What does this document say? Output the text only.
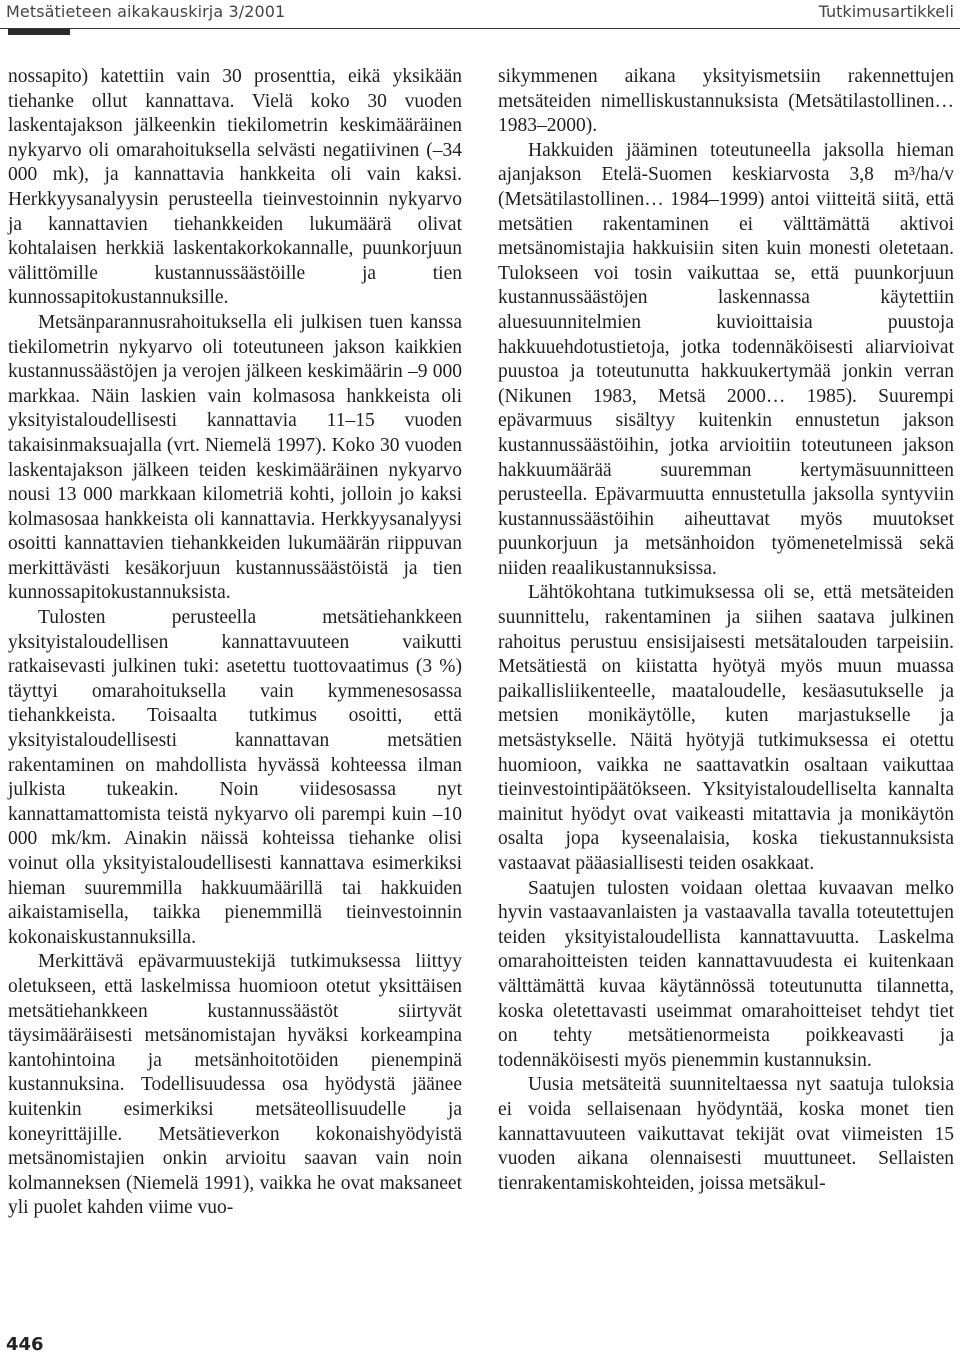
Metsätieteen aikakauskirja 3/2001	Tutkimusartikkeli

nossapito) katettiin vain 30 prosenttia, eikä yksikään tiehanke ollut kannattava. Vielä koko 30 vuoden laskentajakson jälkeenkin tiekilometrin keskimääräinen nykyarvo oli omarahoituksella selvästi negatiivinen (–34 000 mk), ja kannattavia hankkeita oli vain kaksi. Herkkyysanalyysin perusteella tieinvestoinnin nykyarvo ja kannattavien tiehankkeiden lukumäärä olivat kohtalaisen herkkiä laskentakorkokannalle, puunkorjuun välittömille kustannussäästöille ja tien kunnossapitokustannuksille.

Metsänparannusrahoituksella eli julkisen tuen kanssa tiekilometrin nykyarvo oli toteutuneen jakson kaikkien kustannussäästöjen ja verojen jälkeen keskimäärin –9 000 markkaa. Näin laskien vain kolmasosa hankkeista oli yksityistaloudellisesti kannattavia 11–15 vuoden takaisinmaksuajalla (vrt. Niemelä 1997). Koko 30 vuoden laskentajakson jälkeen teiden keskimääräinen nykyarvo nousi 13 000 markkaan kilometriä kohti, jolloin jo kaksi kolmasosaa hankkeista oli kannattavia. Herkkyysanalyysi osoitti kannattavien tiehankkeiden lukumäärän riippuvan merkittävästi kesäkorjuun kustannussäästöistä ja tien kunnossapitokustannuksista.

Tulosten perusteella metsätiehankkeen yksityistaloudellisen kannattavuuteen vaikutti ratkaisevasti julkinen tuki: asetettu tuottovaatimus (3 %) täyttyi omarahoituksella vain kymmenesosassa tiehankkeista. Toisaalta tutkimus osoitti, että yksityistaloudellisesti kannattavan metsätien rakentaminen on mahdollista hyvässä kohteessa ilman julkista tukeakin. Noin viidesosassa nyt kannattamattomista teistä nykyarvo oli parempi kuin –10 000 mk/km. Ainakin näissä kohteissa tiehanke olisi voinut olla yksityistaloudellisesti kannattava esimerkiksi hieman suuremmilla hakkuumäärillä tai hakkuiden aikaistamisella, taikka pienemmillä tieinvestoinnin kokonaiskustannuksilla.

Merkittävä epävarmuustekijä tutkimuksessa liittyy oletukseen, että laskelmissa huomioon otetut yksittäisen metsätiehankkeen kustannussäästöt siirtyvät täysimääräisesti metsänomistajan hyväksi korkeampina kantohintoina ja metsänhoitotöiden pienempinä kustannuksina. Todellisuudessa osa hyödystä jäänee kuitenkin esimerkiksi metsäteollisuudelle ja koneyrittäjille. Metsätieverkon kokonaishyödyistä metsänomistajien onkin arvioitu saavan vain noin kolmanneksen (Niemelä 1991), vaikka he ovat maksaneet yli puolet kahden viime vuo-

sikymmenen aikana yksityismetsiin rakennettujen metsäteiden nimelliskustannuksista (Metsätilastollinen… 1983–2000).

Hakkuiden jääminen toteutuneella jaksolla hieman ajanjakson Etelä-Suomen keskiarvosta 3,8 m³/ha/v (Metsätilastollinen… 1984–1999) antoi viitteitä siitä, että metsätien rakentaminen ei välttämättä aktivoi metsänomistajia hakkuisiin siten kuin monesti oletetaan. Tulokseen voi tosin vaikuttaa se, että puunkorjuun kustannussäästöjen laskennassa käytettiin aluesuunnitelmien kuvioittaisia puustoja hakkuuehdotustietoja, jotka todennäköisesti aliarvioivat puustoa ja toteutunutta hakkuukertymää jonkin verran (Nikunen 1983, Metsä 2000… 1985). Suurempi epävarmuus sisältyy kuitenkin ennustetun jakson kustannussäästöihin, jotka arvioitiin toteutuneen jakson hakkuumäärää suuremman kertymäsuunnitteen perusteella. Epävarmuutta ennustetulla jaksolla syntyviin kustannussäästöihin aiheuttavat myös muutokset puunkorjuun ja metsänhoidon työmenetelmissä sekä niiden reaalikustannuksissa.

Lähtökohtana tutkimuksessa oli se, että metsäteiden suunnittelu, rakentaminen ja siihen saatava julkinen rahoitus perustuu ensisijaisesti metsätalouden tarpeisiin. Metsätiestä on kiistatta hyötyä myös muun muassa paikallisliikenteelle, maataloudelle, kesäasutukselle ja metsien monikäytölle, kuten marjastukselle ja metsästykselle. Näitä hyötyjä tutkimuksessa ei otettu huomioon, vaikka ne saattavatkin osaltaan vaikuttaa tieinvestointipäätökseen. Yksityistaloudelliselta kannalta mainitut hyödyt ovat vaikeasti mitattavia ja monikäytön osalta jopa kyseenalaisia, koska tiekustannuksista vastaavat pääasiallisesti teiden osakkaat.

Saatujen tulosten voidaan olettaa kuvaavan melko hyvin vastaavanlaisten ja vastaavalla tavalla toteutettujen teiden yksityistaloudellista kannattavuutta. Laskelma omarahoitteisten teiden kannattavuudesta ei kuitenkaan välttämättä kuvaa käytännössä toteutunutta tilannetta, koska oletettavasti useimmat omarahoitteiset tehdyt tiet on tehty metsätienormeista poikkeavasti ja todennäköisesti myös pienemmin kustannuksin.

Uusia metsäteitä suunniteltaessa nyt saatuja tuloksia ei voida sellaisenaan hyödyntää, koska monet tien kannattavuuteen vaikuttavat tekijät ovat viimeisten 15 vuoden aikana olennaisesti muuttuneet. Sellaisten tienrakentamiskohteiden, joissa metsäkul-

446
